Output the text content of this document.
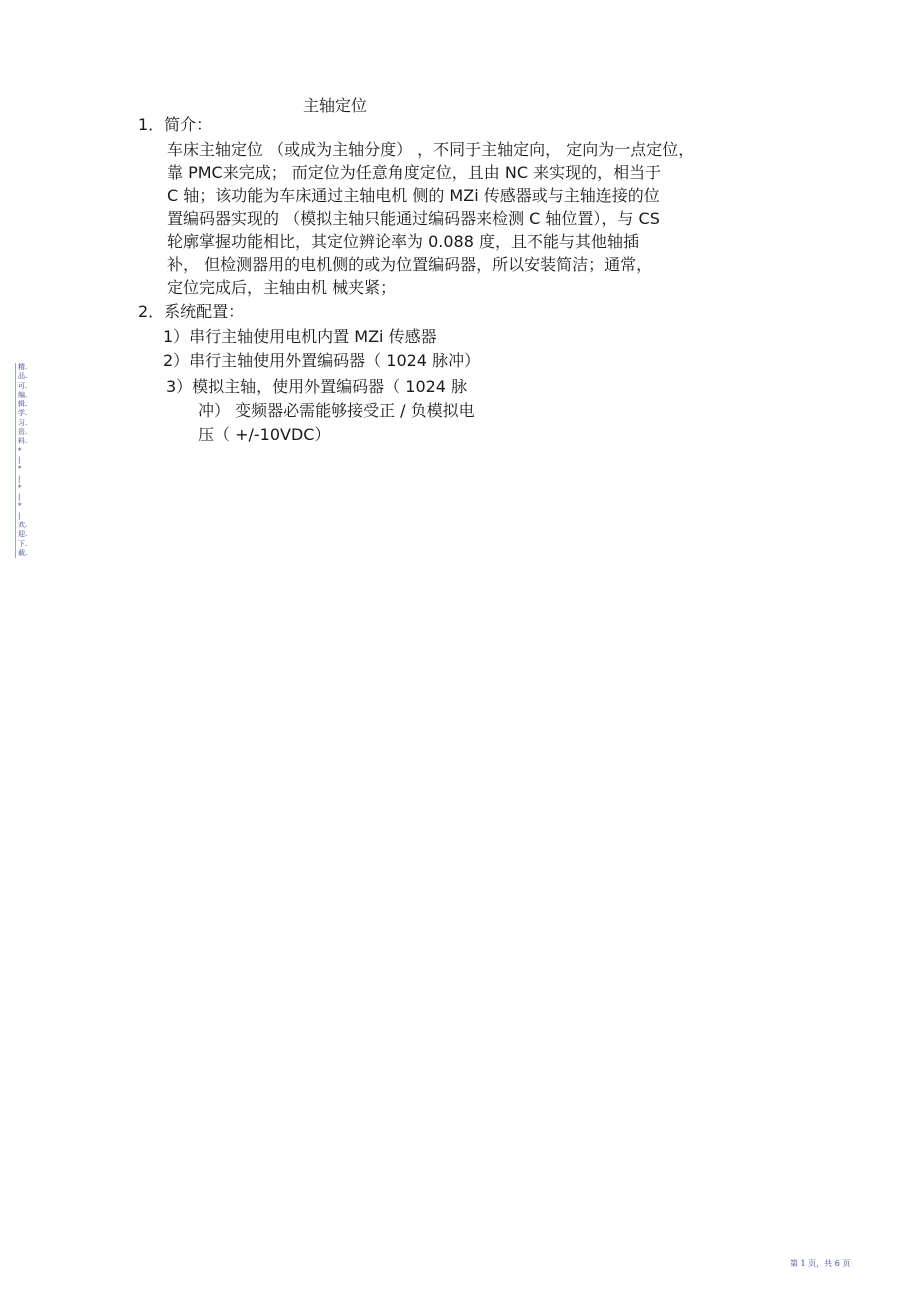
主轴定位
1．简介：
车床主轴定位 （或成为主轴分度） ，不同于主轴定向， 定向为一点定位，
靠 PMC来完成； 而定位为任意角度定位，且由 NC 来实现的，相当于
C 轴；该功能为车床通过主轴电机 侧的 MZi 传感器或与主轴连接的位
置编码器实现的 （模拟主轴只能通过编码器来检测 C 轴位置），与 CS
轮廓掌握功能相比，其定位辨论率为 0.088 度，且不能与其他轴插
补， 但检测器用的电机侧的或为位置编码器，所以安装简洁；通常，
定位完成后，主轴由机 械夹紧；
2．系统配置：
1）串行主轴使用电机内置 MZi 传感器
2）串行主轴使用外置编码器（ 1024 脉冲）
3）模拟主轴，使用外置编码器（ 1024 脉
冲） 变频器必需能够接受正 / 负模拟电
压（ +/-10VDC）
精.
品.
可.
编.
辑.
学.
习.
资.
料.
*
|
*
|
*
|
*
|
欢.
迎.
下.
载.
第 1 页，共 6 页
